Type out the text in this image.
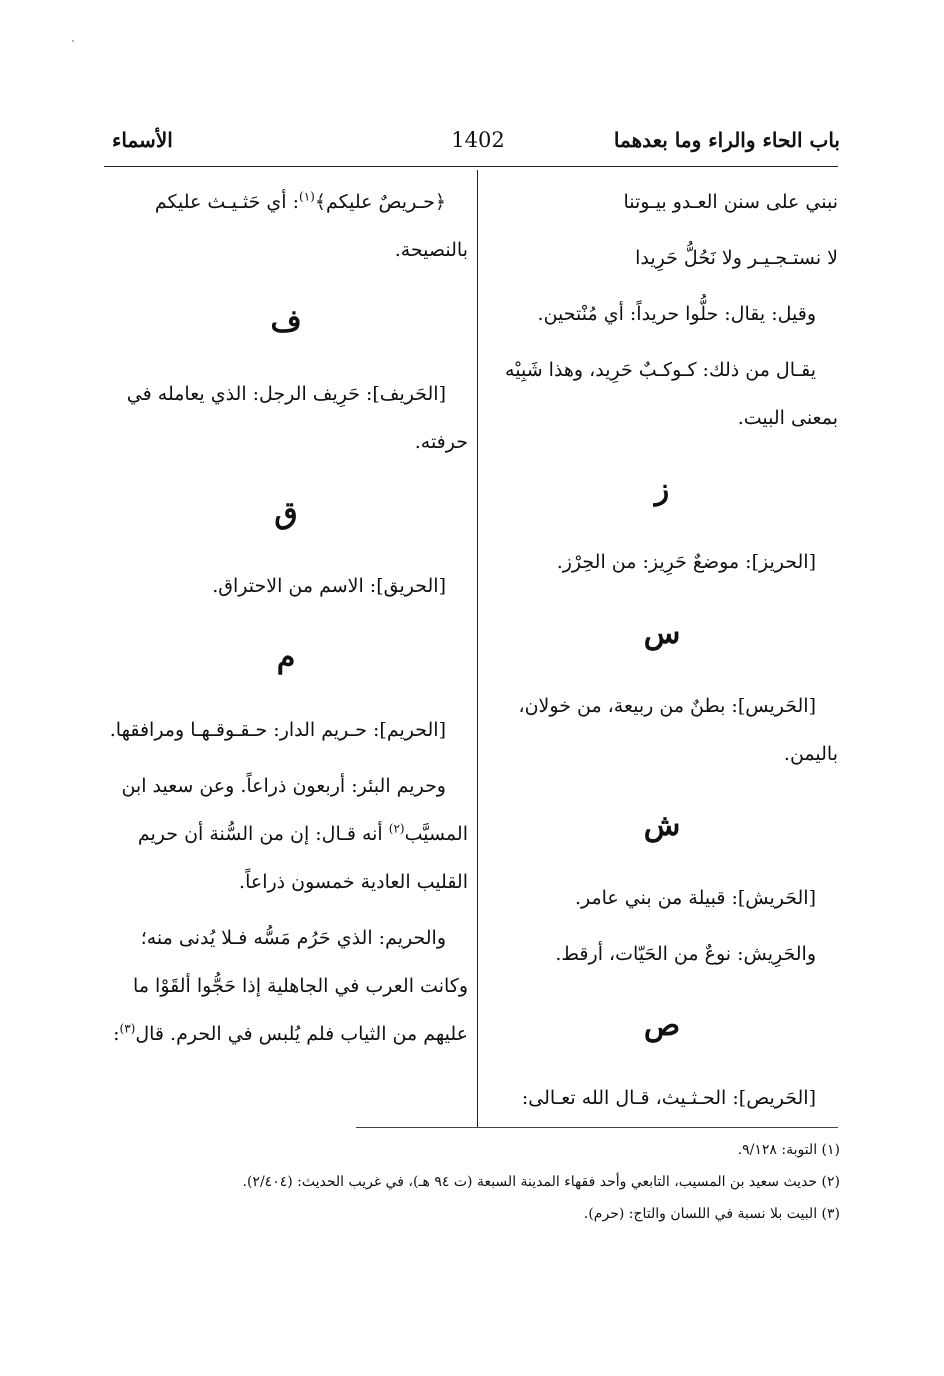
باب الحاء والراء وما بعدهما
1402
الأسماء

نبني على سنن العـدو بيـوتنا

لا نستـجـيـر ولا نَحُلُّ حَرِيدا

وقيل: يقال: حلُّوا حريداً: أي مُنْتحين.

يقـال من ذلك: كـوكـبٌ حَرِيد، وهذا شَبِيْه بمعنى البيت.

ز

[الحريز]: موضعٌ حَرِيز: من الحِرْز.

س

[الحَريس]: بطنٌ من ربيعة، من خولان، باليمن.

ش

[الحَريش]: قبيلة من بني عامر.

والحَرِيش: نوعٌ من الحَيّات، أرقط.

ص

[الحَريص]: الحـثـيث، قـال الله تعـالى:

﴿حـريصٌ عليكم﴾$^{(١)}$: أي حَثـيـث عليكم بالنصيحة.

ف

[الحَريف]: حَرِيف الرجل: الذي يعامله في حرفته.

ق

[الحريق]: الاسم من الاحتراق.

م

[الحريم]: حـريم الدار: حـقـوقـهـا ومرافقها.

وحريم البئر: أربعون ذراعاً. وعن سعيد ابن المسيَّب$^{(٢)}$ أنه قـال: إن من السُّنة أن حريم القليب العادية خمسون ذراعاً.

والحريم: الذي حَرُم مَسُّه فـلا يُدنى منه؛ وكانت العرب في الجاهلية إذا حَجُّوا ألقَوْا ما عليهم من الثياب فلم يُلبس في الحرم. قال$^{(٣)}$:

(١) التوبة: ٩/١٢٨.
(٢) حديث سعيد بن المسيب، التابعي وأحد فقهاء المدينة السبعة (ت ٩٤ هـ)، في غريب الحديث: (٢/٤٠٤).
(٣) البيت بلا نسبة في اللسان والتاج: (حرم).
